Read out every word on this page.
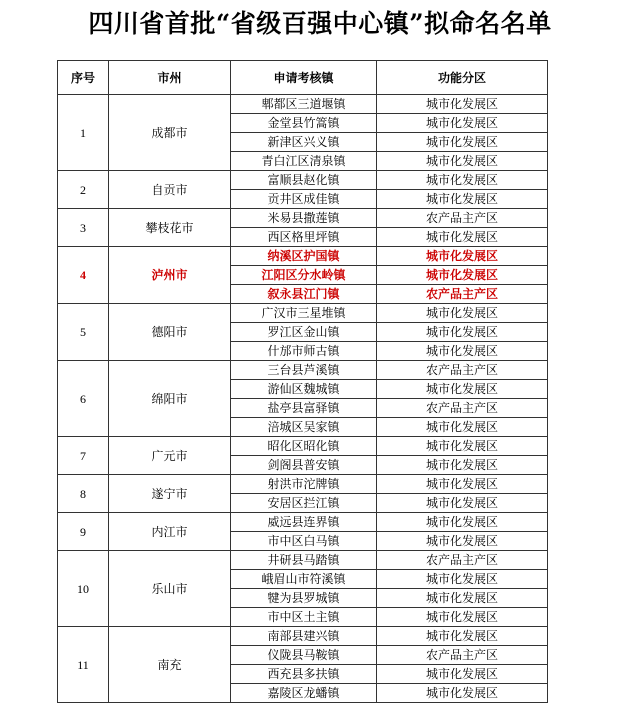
四川省首批“省级百强中心镇”拟命名名单
序号	市州	申请考核镇	功能分区
1	成都市	郫都区三道堰镇	城市化发展区
		金堂县竹篙镇	城市化发展区
		新津区兴义镇	城市化发展区
		青白江区清泉镇	城市化发展区
2	自贡市	富顺县赵化镇	城市化发展区
		贡井区成佳镇	城市化发展区
3	攀枝花市	米易县撒莲镇	农产品主产区
		西区格里坪镇	城市化发展区
4	泸州市	纳溪区护国镇	城市化发展区
		江阳区分水岭镇	城市化发展区
		叙永县江门镇	农产品主产区
5	德阳市	广汉市三星堆镇	城市化发展区
		罗江区金山镇	城市化发展区
		什邡市师古镇	城市化发展区
6	绵阳市	三台县芦溪镇	农产品主产区
		游仙区魏城镇	城市化发展区
		盐亭县富驿镇	农产品主产区
		涪城区吴家镇	城市化发展区
7	广元市	昭化区昭化镇	城市化发展区
		剑阁县普安镇	城市化发展区
8	遂宁市	射洪市沱牌镇	城市化发展区
		安居区拦江镇	城市化发展区
9	内江市	威远县连界镇	城市化发展区
		市中区白马镇	城市化发展区
10	乐山市	井研县马踏镇	农产品主产区
		峨眉山市符溪镇	城市化发展区
		犍为县罗城镇	城市化发展区
		市中区土主镇	城市化发展区
11	南充	南部县建兴镇	城市化发展区
		仪陇县马鞍镇	农产品主产区
		西充县多扶镇	城市化发展区
		嘉陵区龙蟠镇	城市化发展区
